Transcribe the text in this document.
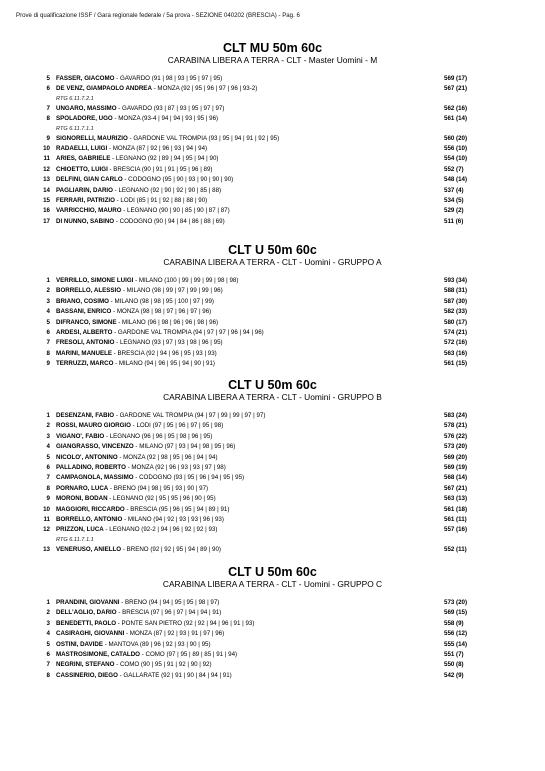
Prove di qualificazione ISSF / Gara regionale federale / 5a prova - SEZIONE 040202 (BRESCIA) - Pag. 6
CLT MU 50m 60c
CARABINA LIBERA A TERRA - CLT - Master Uomini - M
5 FASSER, GIACOMO - GAVARDO (91 | 98 | 93 | 95 | 97 | 95)	569 (17)
6 DE VENZ, GIAMPAOLO ANDREA - MONZA (92 | 95 | 96 | 97 | 96 | 93-2)	567 (21)
RTG 6.11.7.2.1
7 UNGARO, MASSIMO - GAVARDO (93 | 87 | 93 | 95 | 97 | 97)	562 (16)
8 SPOLADORE, UGO - MONZA (93-4 | 94 | 94 | 93 | 95 | 96)	561 (14)
RTG 6.11.7.1.1
9 SIGNORELLI, MAURIZIO - GARDONE VAL TROMPIA (93 | 95 | 94 | 91 | 92 | 95)	560 (20)
10 RADAELLI, LUIGI - MONZA (87 | 92 | 96 | 93 | 94 | 94)	556 (10)
11 ARIES, GABRIELE - LEGNANO (92 | 89 | 94 | 95 | 94 | 90)	554 (10)
12 CHIOETTO, LUIGI - BRESCIA (90 | 91 | 91 | 95 | 96 | 89)	552 (7)
13 DELFINI, GIAN CARLO - CODOGNO (95 | 90 | 93 | 90 | 90 | 90)	548 (14)
14 PAGLIARIN, DARIO - LEGNANO (92 | 90 | 92 | 90 | 85 | 88)	537 (4)
15 FERRARI, PATRIZIO - LODI (85 | 91 | 92 | 88 | 88 | 90)	534 (5)
16 VARRICCHIO, MAURO - LEGNANO (90 | 90 | 85 | 90 | 87 | 87)	529 (2)
17 DI NUNNO, SABINO - CODOGNO (90 | 94 | 84 | 86 | 88 | 69)	511 (6)
CLT U 50m 60c
CARABINA LIBERA A TERRA - CLT - Uomini - GRUPPO A
1 VERRILLO, SIMONE LUIGI - MILANO (100 | 99 | 99 | 99 | 98 | 98)	593 (34)
2 BORRELLO, ALESSIO - MILANO (98 | 99 | 97 | 99 | 99 | 96)	588 (31)
3 BRIANO, COSIMO - MILANO (98 | 98 | 95 | 100 | 97 | 99)	587 (30)
4 BASSANI, ENRICO - MONZA (98 | 98 | 97 | 96 | 97 | 96)	582 (33)
5 DIFRANCO, SIMONE - MILANO (96 | 98 | 96 | 96 | 98 | 96)	580 (17)
6 ARDESI, ALBERTO - GARDONE VAL TROMPIA (94 | 97 | 97 | 96 | 94 | 96)	574 (21)
7 FRESOLI, ANTONIO - LEGNANO (93 | 97 | 93 | 98 | 96 | 95)	572 (16)
8 MARINI, MANUELE - BRESCIA (92 | 94 | 96 | 95 | 93 | 93)	563 (16)
9 TERRUZZI, MARCO - MILANO (94 | 96 | 95 | 94 | 90 | 91)	561 (15)
CLT U 50m 60c
CARABINA LIBERA A TERRA - CLT - Uomini - GRUPPO B
1 DESENZANI, FABIO - GARDONE VAL TROMPIA (94 | 97 | 99 | 99 | 97 | 97)	583 (24)
2 ROSSI, MAURO GIORGIO - LODI (97 | 95 | 96 | 97 | 95 | 98)	578 (21)
3 VIGANO', FABIO - LEGNANO (96 | 96 | 95 | 98 | 96 | 95)	576 (22)
4 GIANGRASSO, VINCENZO - MILANO (97 | 93 | 94 | 98 | 95 | 96)	573 (20)
5 NICOLO', ANTONINO - MONZA (92 | 98 | 95 | 96 | 94 | 94)	569 (20)
6 PALLADINO, ROBERTO - MONZA (92 | 96 | 93 | 93 | 97 | 98)	569 (19)
7 CAMPAGNOLA, MASSIMO - CODOGNO (93 | 95 | 96 | 94 | 95 | 95)	568 (14)
8 PORNARO, LUCA - BRENO (94 | 98 | 95 | 93 | 90 | 97)	567 (21)
9 MORONI, BODAN - LEGNANO (92 | 95 | 95 | 96 | 90 | 95)	563 (13)
10 MAGGIORI, RICCARDO - BRESCIA (95 | 96 | 95 | 94 | 89 | 91)	561 (18)
11 BORRELLO, ANTONIO - MILANO (94 | 92 | 93 | 93 | 96 | 93)	561 (11)
12 PRIZZON, LUCA - LEGNANO (92-2 | 94 | 96 | 92 | 92 | 93)	557 (16)
RTG 6.11.7.1.1
13 VENERUSO, ANIELLO - BRENO (92 | 92 | 95 | 94 | 89 | 90)	552 (11)
CLT U 50m 60c
CARABINA LIBERA A TERRA - CLT - Uomini - GRUPPO C
1 PRANDINI, GIOVANNI - BRENO (94 | 94 | 95 | 95 | 98 | 97)	573 (20)
2 DELL'AGLIO, DARIO - BRESCIA (97 | 96 | 97 | 94 | 94 | 91)	569 (15)
3 BENEDETTI, PAOLO - PONTE SAN PIETRO (92 | 92 | 94 | 96 | 91 | 93)	558 (9)
4 CASIRAGHI, GIOVANNI - MONZA (87 | 92 | 93 | 91 | 97 | 96)	556 (12)
5 OSTINI, DAVIDE - MANTOVA (89 | 96 | 92 | 93 | 90 | 95)	555 (14)
6 MASTROSIMONE, CATALDO - COMO (97 | 95 | 89 | 85 | 91 | 94)	551 (7)
7 NEGRINI, STEFANO - COMO (90 | 95 | 91 | 92 | 90 | 92)	550 (8)
8 CASSINERIO, DIEGO - GALLARATE (92 | 91 | 90 | 84 | 94 | 91)	542 (9)
